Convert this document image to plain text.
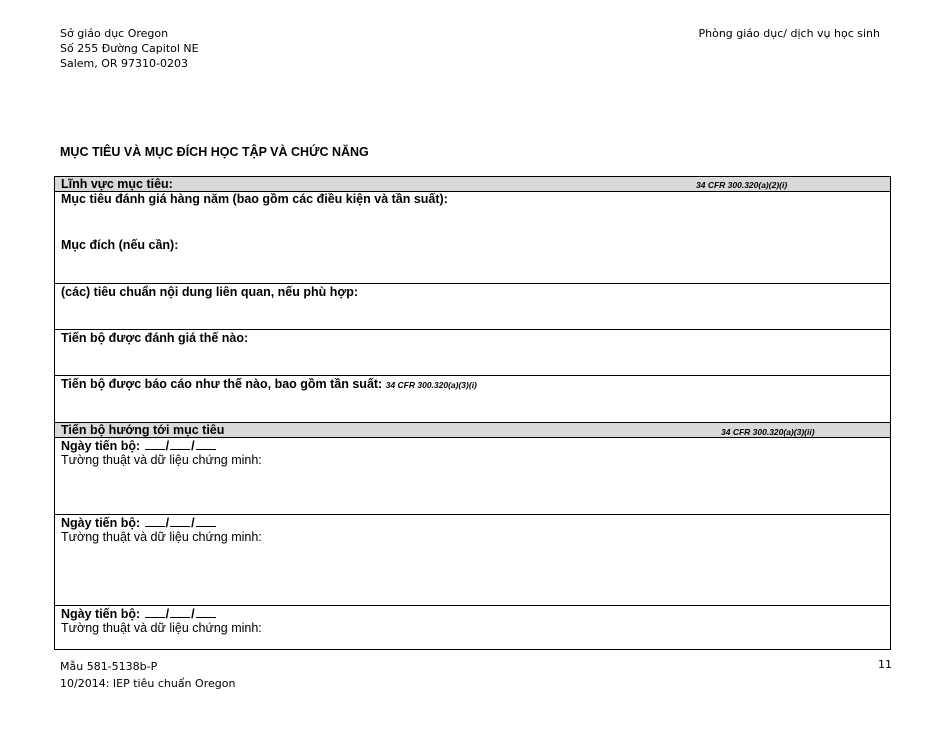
Sở giáo dục Oregon
Số 255 Đường Capitol NE
Salem, OR 97310-0203
Phòng giáo dục/ dịch vụ học sinh
MỤC TIÊU VÀ MỤC ĐÍCH HỌC TẬP VÀ CHỨC NĂNG
Lĩnh vực mục tiêu:	34 CFR 300.320(a)(2)(i)
Mục tiêu đánh giá hàng năm (bao gồm các điều kiện và tần suất):
Mục đích (nếu cần):
(các) tiêu chuẩn nội dung liên quan, nếu phù hợp:
Tiến bộ được đánh giá thế nào:
Tiến bộ được báo cáo như thế nào, bao gồm tần suất: 34 CFR 300.320(a)(3)(i)
Tiến bộ hướng tới mục tiêu	34 CFR 300.320(a)(3)(ii)
Ngày tiến bộ: / /
Tường thuật và dữ liệu chứng minh:
Ngày tiến bộ: / /
Tường thuật và dữ liệu chứng minh:
Ngày tiến bộ: / /
Tường thuật và dữ liệu chứng minh:
Mẫu 581-5138b-P
10/2014: IEP tiêu chuẩn Oregon
11
